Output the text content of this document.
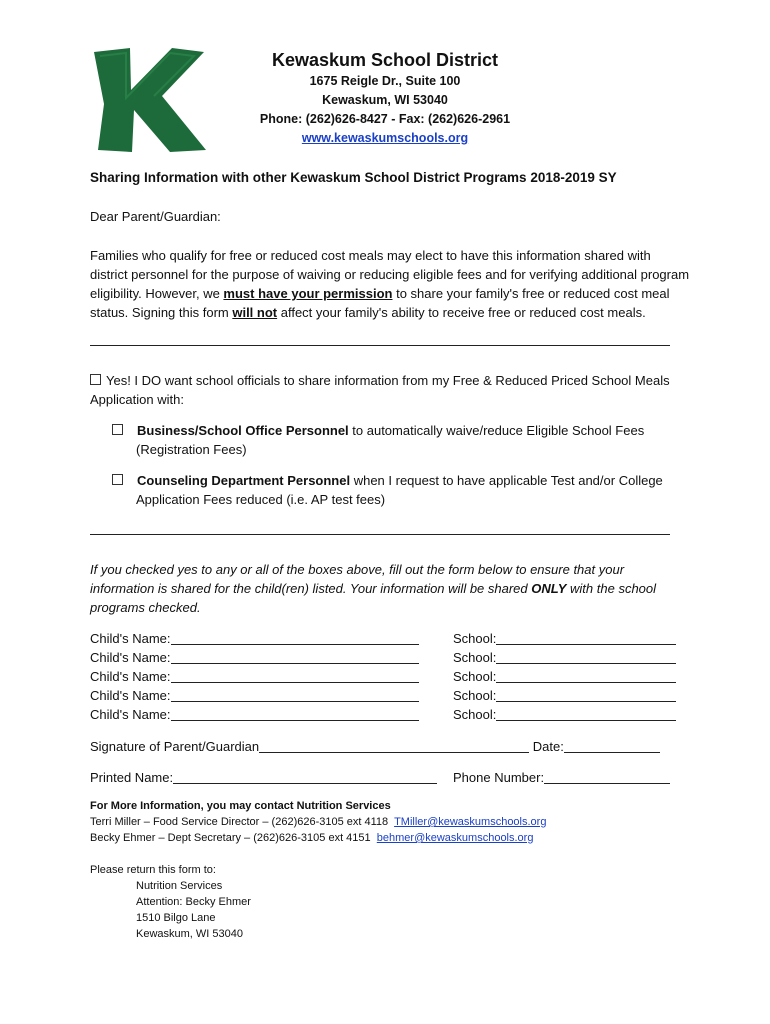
Kewaskum School District
1675 Reigle Dr., Suite 100
Kewaskum, WI 53040
Phone: (262)626-8427 - Fax: (262)626-2961
www.kewaskumschools.org
Sharing Information with other Kewaskum School District Programs 2018-2019 SY
Dear Parent/Guardian:
Families who qualify for free or reduced cost meals may elect to have this information shared with district personnel for the purpose of waiving or reducing eligible fees and for verifying additional program eligibility. However, we must have your permission to share your family's free or reduced cost meal status. Signing this form will not affect your family's ability to receive free or reduced cost meals.
Yes! I DO want school officials to share information from my Free & Reduced Priced School Meals Application with:
Business/School Office Personnel to automatically waive/reduce Eligible School Fees (Registration Fees)
Counseling Department Personnel when I request to have applicable Test and/or College Application Fees reduced (i.e. AP test fees)
If you checked yes to any or all of the boxes above, fill out the form below to ensure that your information is shared for the child(ren) listed. Your information will be shared ONLY with the school programs checked.
Child's Name:
Child's Name:
Child's Name:
Child's Name:
Child's Name:
School:
School:
School:
School:
School:
Signature of Parent/Guardian	Date:
Printed Name:	Phone Number:
For More Information, you may contact Nutrition Services
Terri Miller – Food Service Director – (262)626-3105 ext 4118 TMiller@kewaskumschools.org
Becky Ehmer – Dept Secretary – (262)626-3105 ext 4151 behmer@kewaskumschools.org
Please return this form to:
Nutrition Services
Attention: Becky Ehmer
1510 Bilgo Lane
Kewaskum, WI 53040
